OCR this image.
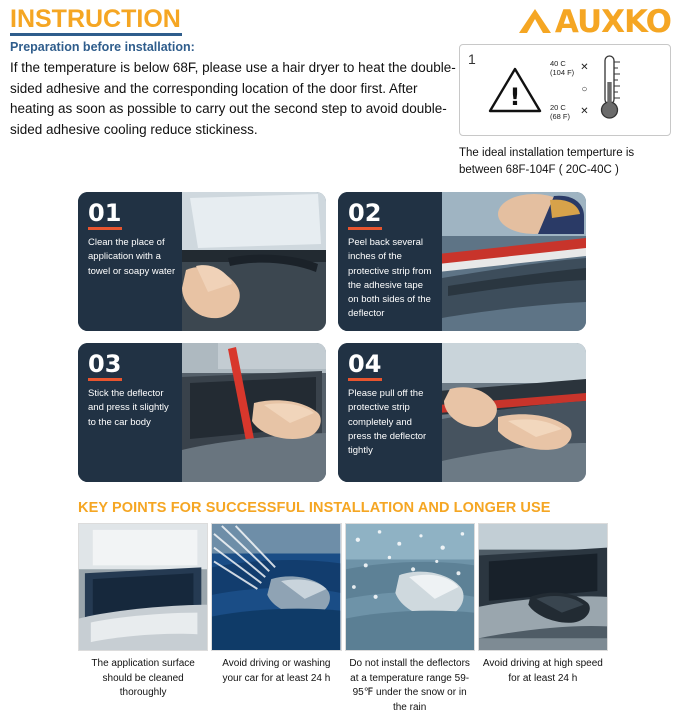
INSTRUCTION
Preparation before installation:
If the temperature is below 68F, please use a hair dryer to heat the double-sided adhesive and the corresponding location of the door first. After heating as soon as possible to carry out the second step to avoid double-sided adhesive cooling reduce stickiness.
AUXKO
1
!
40 C
(104 F)

20 C
(68 F)
✕
○
✕
The ideal installation temperture is between 68F-104F ( 20C-40C )
01
Clean the place of application with a towel or soapy water
02
Peel back several inches of the protective strip from the adhesive tape on both sides of the deflector
03
Stick the deflector and press it slightly to the car body
04
Please pull off the protective strip completely and press the deflector tightly
KEY POINTS FOR SUCCESSFUL INSTALLATION AND LONGER USE
The application surface should be cleaned thoroughly
Avoid driving or washing your car for at least 24 h
Do not install the deflectors at a temperature range 59-95℉ under the snow or in the rain
Avoid driving at high speed for at least 24 h
